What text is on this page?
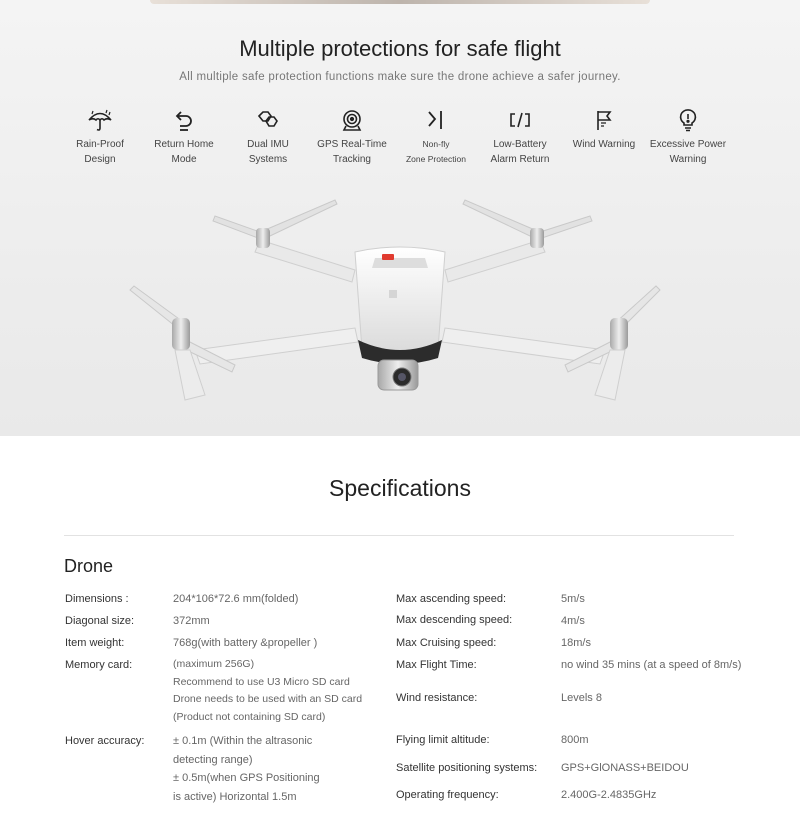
Multiple protections for safe flight
All multiple safe protection functions make sure the drone achieve a safer journey.
Rain-Proof
Design
Return Home
Mode
Dual IMU
Systems
GPS Real-Time
Tracking
Non-fly
Zone Protection
Low-Battery
Alarm Return
Wind Warning	Excessive Power
Warning
Specifications
Drone
Dimensions :	204*106*72.6 mm(folded)
Diagonal size:	372mm
Item weight:	768g(with battery &propeller )
Memory card:	(maximum 256G)
Recommend to use U3 Micro SD card
Drone needs to be used with an SD card
(Product not containing SD card)
Hover accuracy:	± 0.1m (Within the altrasonic
detecting range)
± 0.5m(when GPS Positioning
is active) Horizontal 1.5m
Max ascending speed:	5m/s
Max descending speed:	4m/s
Max Cruising speed:	18m/s
Max Flight Time:	no wind 35 mins (at a speed of 8m/s)
Wind resistance:	Levels 8
Flying limit altitude:	800m
Satellite positioning systems: GPS+GlONASS+BEIDOU
Operating frequency:	2.400G-2.4835GHz
